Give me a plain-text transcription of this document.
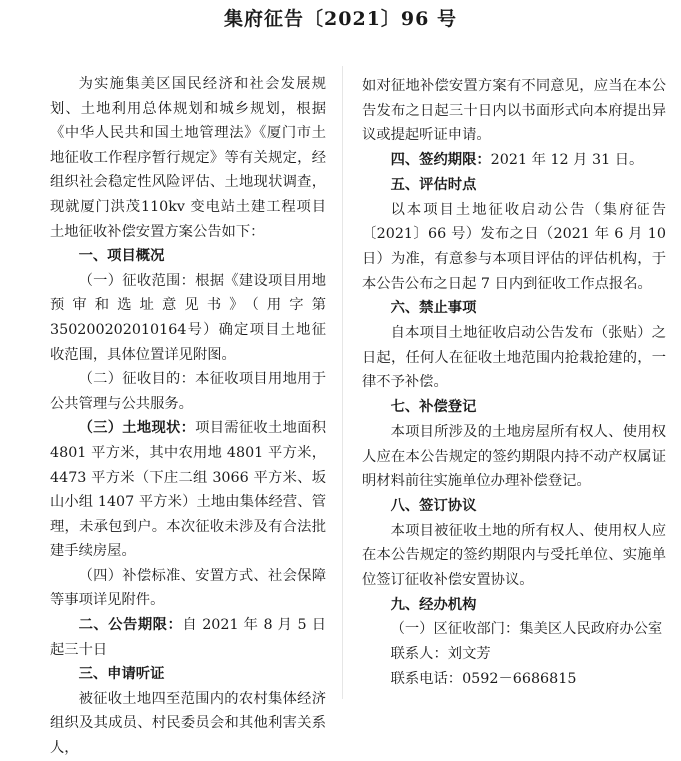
集府征告〔2021〕96 号

为实施集美区国民经济和社会发展规划、土地利用总体规划和城乡规划，根据《中华人民共和国土地管理法》《厦门市土地征收工作程序暂行规定》等有关规定，经组织社会稳定性风险评估、土地现状调查，现就厦门洪茂110kv 变电站土建工程项目土地征收补偿安置方案公告如下：

一、项目概况

（一）征收范围：根据《建设项目用地预审和选址意见书》（用字第 350200202010164号）确定项目土地征收范围，具体位置详见附图。

（二）征收目的：本征收项目用地用于公共管理与公共服务。

（三）土地现状：项目需征收土地面积 4801 平方米，其中农用地 4801 平方米，4473 平方米（下庄二组 3066 平方米、坂山小组 1407 平方米）土地由集体经营、管理，未承包到户。本次征收未涉及有合法批建手续房屋。

（四）补偿标准、安置方式、社会保障等事项详见附件。

二、公告期限：自 2021 年 8 月 5 日起三十日

三、申请听证

被征收土地四至范围内的农村集体经济组织及其成员、村民委员会和其他利害关系人，

如对征地补偿安置方案有不同意见，应当在本公告发布之日起三十日内以书面形式向本府提出异议或提起听证申请。

四、签约期限：2021 年 12 月 31 日。

五、评估时点

以本项目土地征收启动公告（集府征告〔2021〕66 号）发布之日（2021 年 6 月 10 日）为准，有意参与本项目评估的评估机构，于本公告公布之日起 7 日内到征收工作点报名。

六、禁止事项

自本项目土地征收启动公告发布（张贴）之日起，任何人在征收土地范围内抢栽抢建的，一律不予补偿。

七、补偿登记

本项目所涉及的土地房屋所有权人、使用权人应在本公告规定的签约期限内持不动产权属证明材料前往实施单位办理补偿登记。

八、签订协议

本项目被征收土地的所有权人、使用权人应在本公告规定的签约期限内与受托单位、实施单位签订征收补偿安置协议。

九、经办机构

（一）区征收部门：集美区人民政府办公室

联系人：刘文芳

联系电话：0592－6686815
